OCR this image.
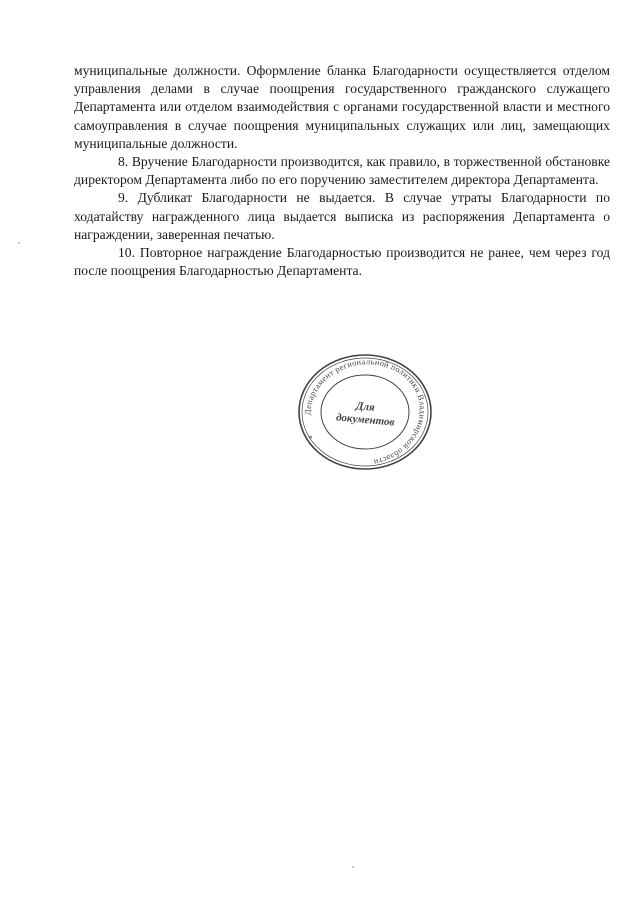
муниципальные должности. Оформление бланка Благодарности осуществляется отделом управления делами в случае поощрения государственного гражданского служащего Департамента или отделом взаимодействия с органами государственной власти и местного самоуправления в случае поощрения муниципальных служащих или лиц, замещающих муниципальные должности.

8. Вручение Благодарности производится, как правило, в торжественной обстановке директором Департамента либо по его поручению заместителем директора Департамента.

9. Дубликат Благодарности не выдается. В случае утраты Благодарности по ходатайству награжденного лица выдается выписка из распоряжения Департамента о награждении, заверенная печатью.

10. Повторное награждение Благодарностью производится не ранее, чем через год после поощрения Благодарностью Департамента.

Департамент региональной политики Владимирской области
*
Для
документов
